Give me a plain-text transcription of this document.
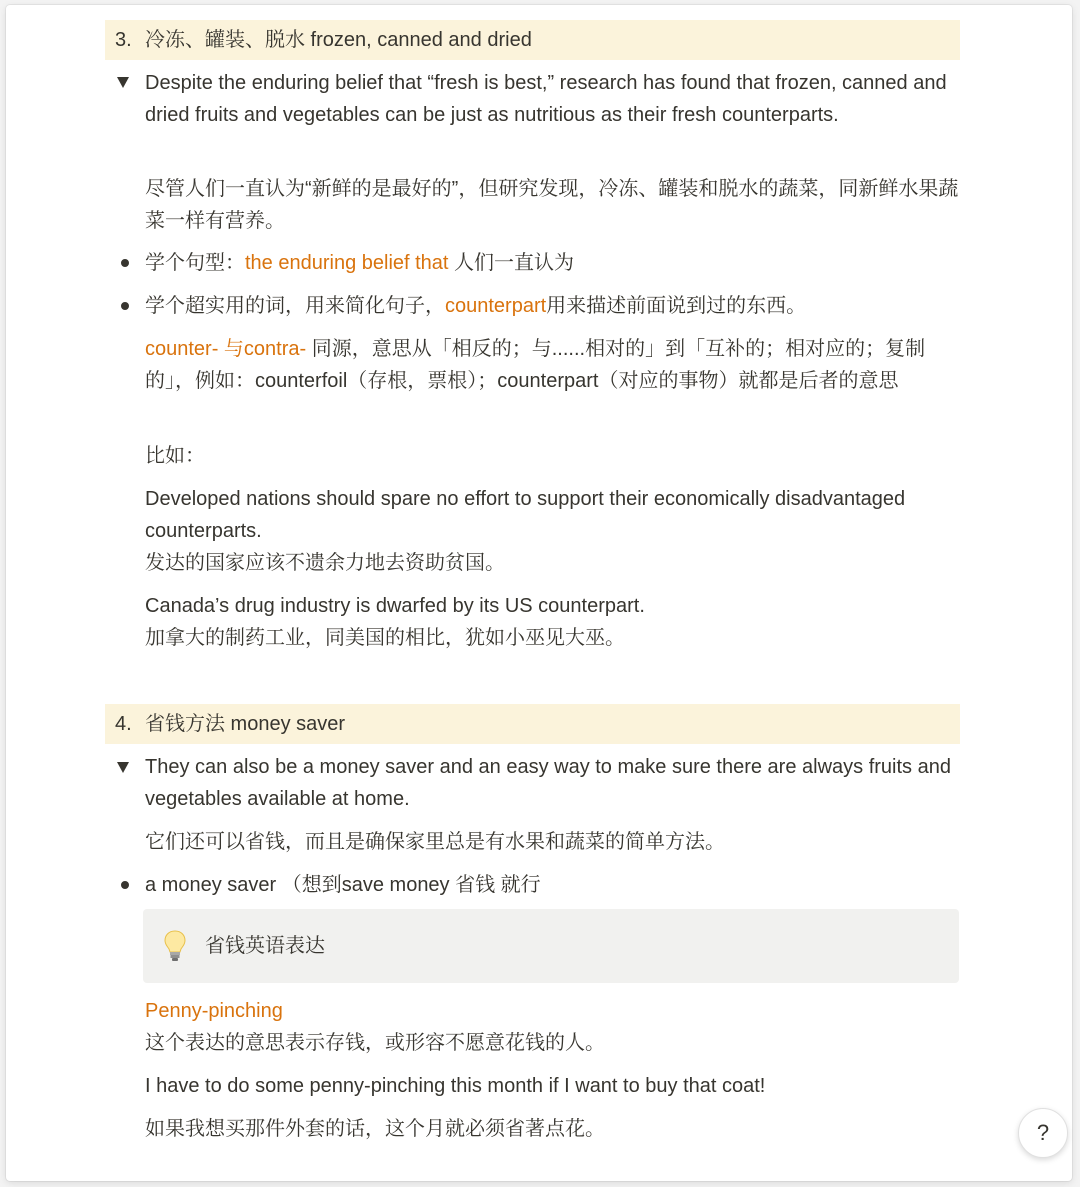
3. 冷冻、罐装、脱水 frozen, canned and dried
Despite the enduring belief that “fresh is best,” research has found that frozen, canned and dried fruits and vegetables can be just as nutritious as their fresh counterparts.
尽管人们一直认为“新鲜的是最好的”，但研究发现，冷冻、罐装和脱水的蔬菜，同新鲜水果蔬菜一样有营养。
学个句型：the enduring belief that 人们一直认为
学个超实用的词，用来简化句子，counterpart用来描述前面说到过的东西。
counter- 与contra- 同源，意思从「相反的；与......相对的」到「互补的；相对应的；复制的」，例如：counterfoil（存根，票根）；counterpart（对应的事物）就都是后者的意思
比如：
Developed nations should spare no effort to support their economically disadvantaged counterparts.
发达的国家应该不遗余力地去资助贫国。
Canada’s drug industry is dwarfed by its US counterpart.
加拿大的制药工业，同美国的相比，犹如小巫见大巫。
4. 省钱方法 money saver
They can also be a money saver and an easy way to make sure there are always fruits and vegetables available at home.
它们还可以省钱，而且是确保家里总是有水果和蔬菜的简单方法。
a money saver （想到save money 省钱 就行
省钱英语表达
Penny-pinching
这个表达的意思表示存钱，或形容不愿意花钱的人。
I have to do some penny-pinching this month if I want to buy that coat!
如果我想买那件外套的话，这个月就必须省著点花。	?
